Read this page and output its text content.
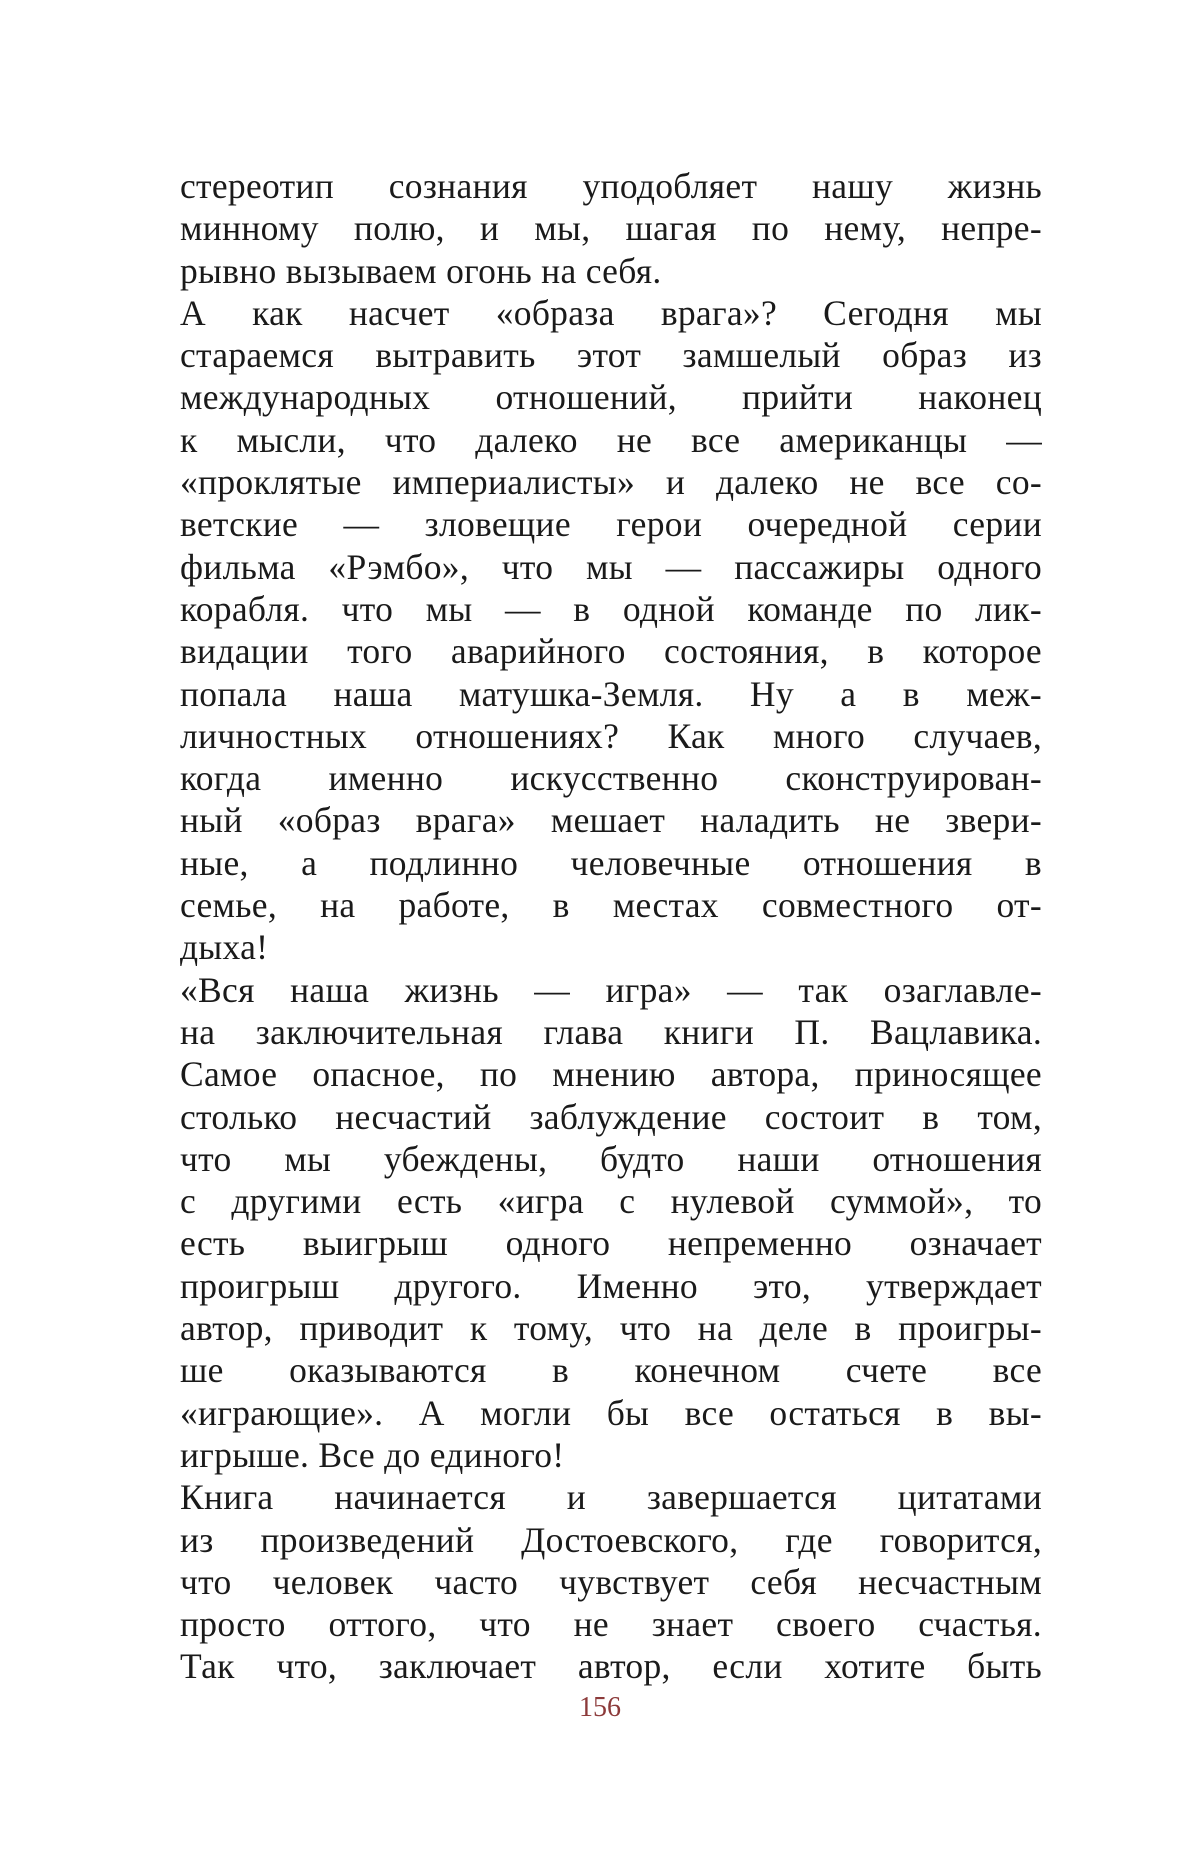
стереотип сознания уподобляет нашу жизнь
минному полю, и мы, шагая по нему, непре-
рывно вызываем огонь на себя.
А как насчет «образа врага»? Сегодня мы
стараемся вытравить этот замшелый образ из
международных отношений, прийти наконец
к мысли, что далеко не все американцы —
«проклятые империалисты» и далеко не все со-
ветские — зловещие герои очередной серии
фильма «Рэмбо», что мы — пассажиры одного
корабля. что мы — в одной команде по лик-
видации того аварийного состояния, в которое
попала наша матушка-Земля. Ну а в меж-
личностных отношениях? Как много случаев,
когда именно искусственно сконструирован-
ный «образ врага» мешает наладить не звери-
ные, а подлинно человечные отношения в
семье, на работе, в местах совместного от-
дыха!
«Вся наша жизнь — игра» — так озаглавле-
на заключительная глава книги П. Вацлавика.
Самое опасное, по мнению автора, приносящее
столько несчастий заблуждение состоит в том,
что мы убеждены, будто наши отношения
с другими есть «игра с нулевой суммой», то
есть выигрыш одного непременно означает
проигрыш другого. Именно это, утверждает
автор, приводит к тому, что на деле в проигры-
ше оказываются в конечном счете все
«играющие». А могли бы все остаться в вы-
игрыше. Все до единого!
Книга начинается и завершается цитатами
из произведений Достоевского, где говорится,
что человек часто чувствует себя несчастным
просто оттого, что не знает своего счастья.
Так что, заключает автор, если хотите быть
156
